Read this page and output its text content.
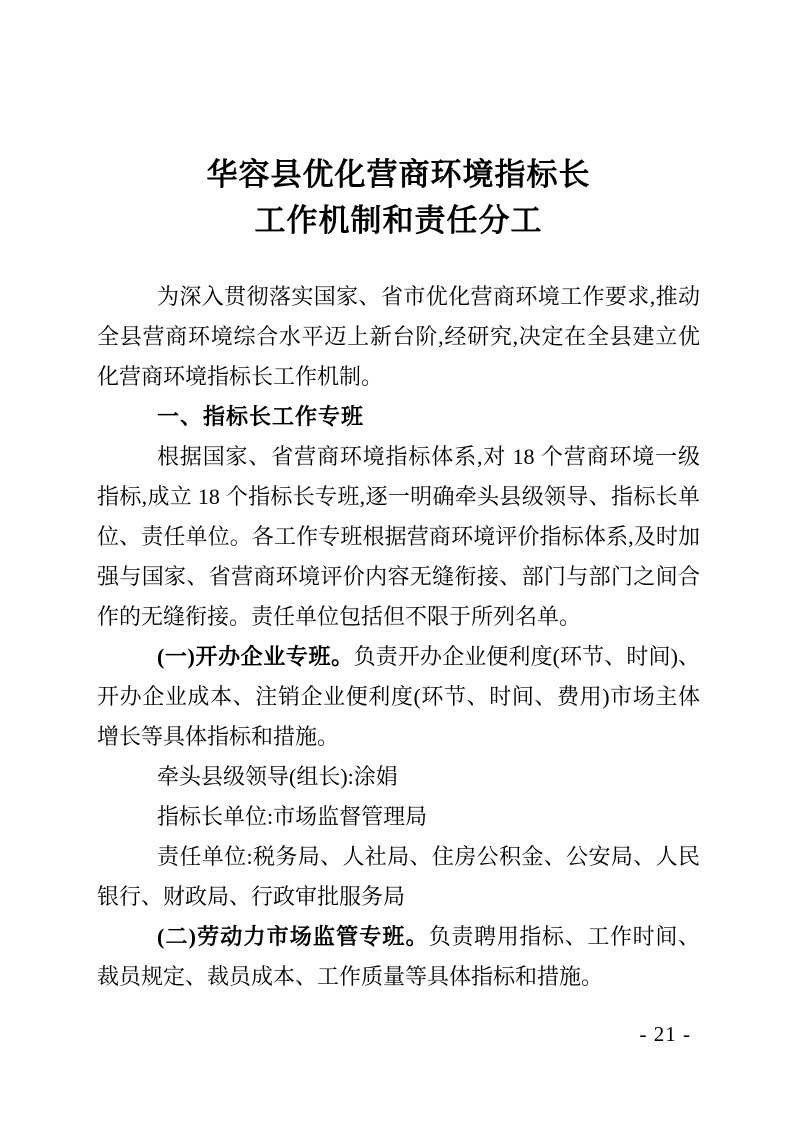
华容县优化营商环境指标长
工作机制和责任分工

为深入贯彻落实国家、省市优化营商环境工作要求,推动全县营商环境综合水平迈上新台阶,经研究,决定在全县建立优化营商环境指标长工作机制。

一、指标长工作专班

根据国家、省营商环境指标体系,对 18 个营商环境一级指标,成立 18 个指标长专班,逐一明确牵头县级领导、指标长单位、责任单位。各工作专班根据营商环境评价指标体系,及时加强与国家、省营商环境评价内容无缝衔接、部门与部门之间合作的无缝衔接。责任单位包括但不限于所列名单。

(一)开办企业专班。负责开办企业便利度(环节、时间)、开办企业成本、注销企业便利度(环节、时间、费用)市场主体增长等具体指标和措施。

牵头县级领导(组长):涂娟

指标长单位:市场监督管理局

责任单位:税务局、人社局、住房公积金、公安局、人民银行、财政局、行政审批服务局

(二)劳动力市场监管专班。负责聘用指标、工作时间、裁员规定、裁员成本、工作质量等具体指标和措施。

- 21 -
